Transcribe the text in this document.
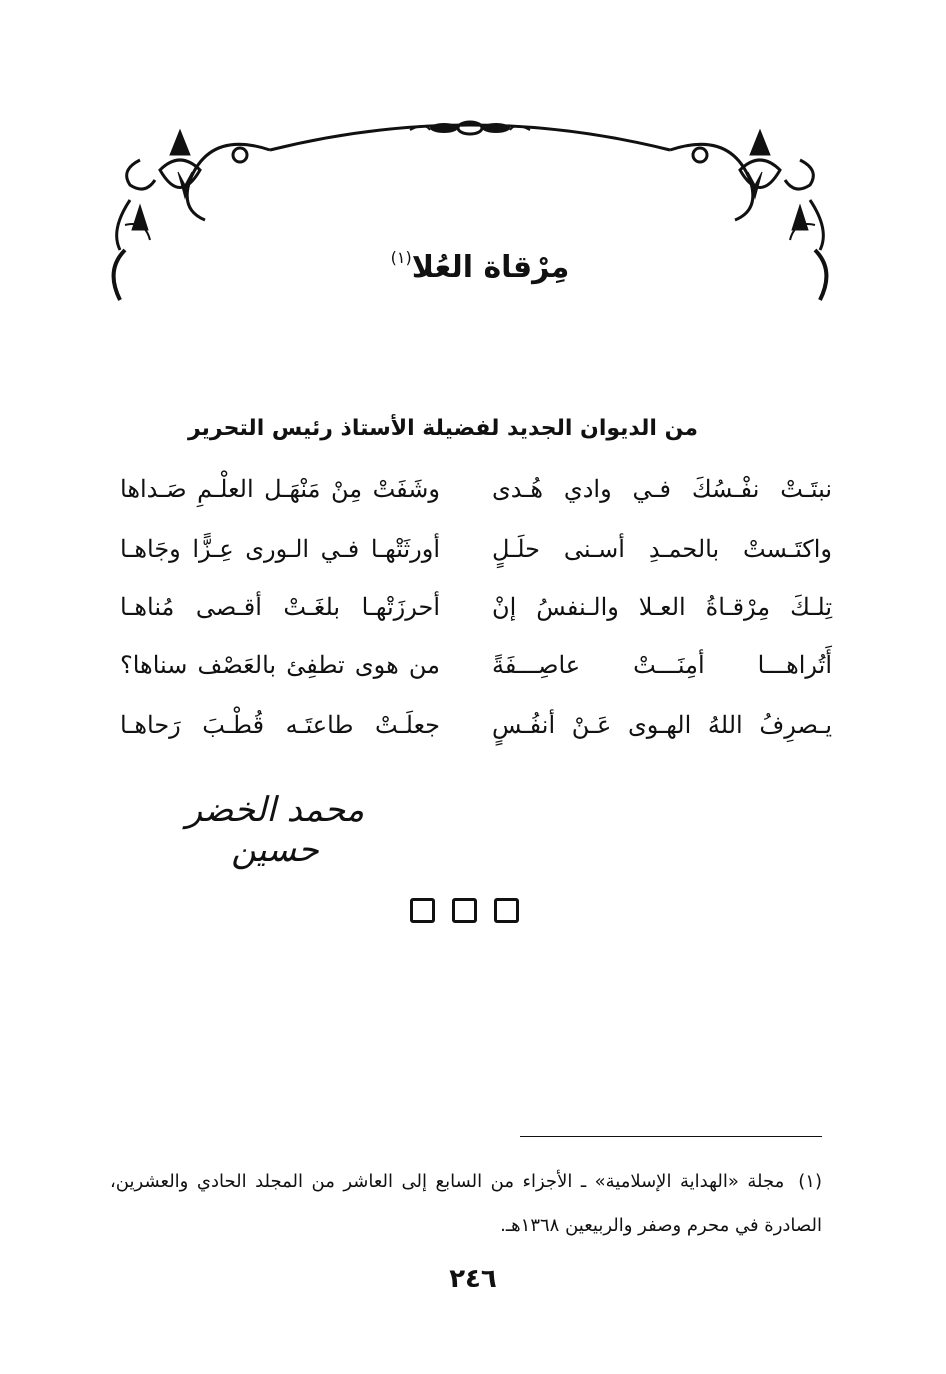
مِرْقاة العُلا$^{(١)}$
من الديوان الجديد لفضيلة الأستاذ رئيس التحرير
نبتَـتْ نفْـسُكَ فـي وادي هُـدى
وشَفَتْ مِنْ مَنْهَـل العلْـمِ صَـداها
واكتَـستْ بالحمـدِ أسـنى حلَـلٍ
أورثَتْهـا فـي الـورى عِـزًّا وجَاهـا
تِلـكَ مِرْقـاةُ العـلا والـنفسُ إنْ
أحرزَتْهـا بلغَـتْ أقـصى مُناهـا
أَتُراهـــا أمِنَـــتْ عاصِـــفَةً
من هوى تطفِئ بالعَصْف سناها؟
يـصرِفُ اللهُ الهـوى عَـنْ أنفُـسٍ
جعلَـتْ طاعتَـه قُطْـبَ رَحاهـا
محمد الخضر حسين
(١)مجلة «الهداية الإسلامية» ـ الأجزاء من السابع إلى العاشر من المجلد الحادي والعشرين، الصادرة في محرم وصفر والربيعين ١٣٦٨هـ.
٢٤٦
